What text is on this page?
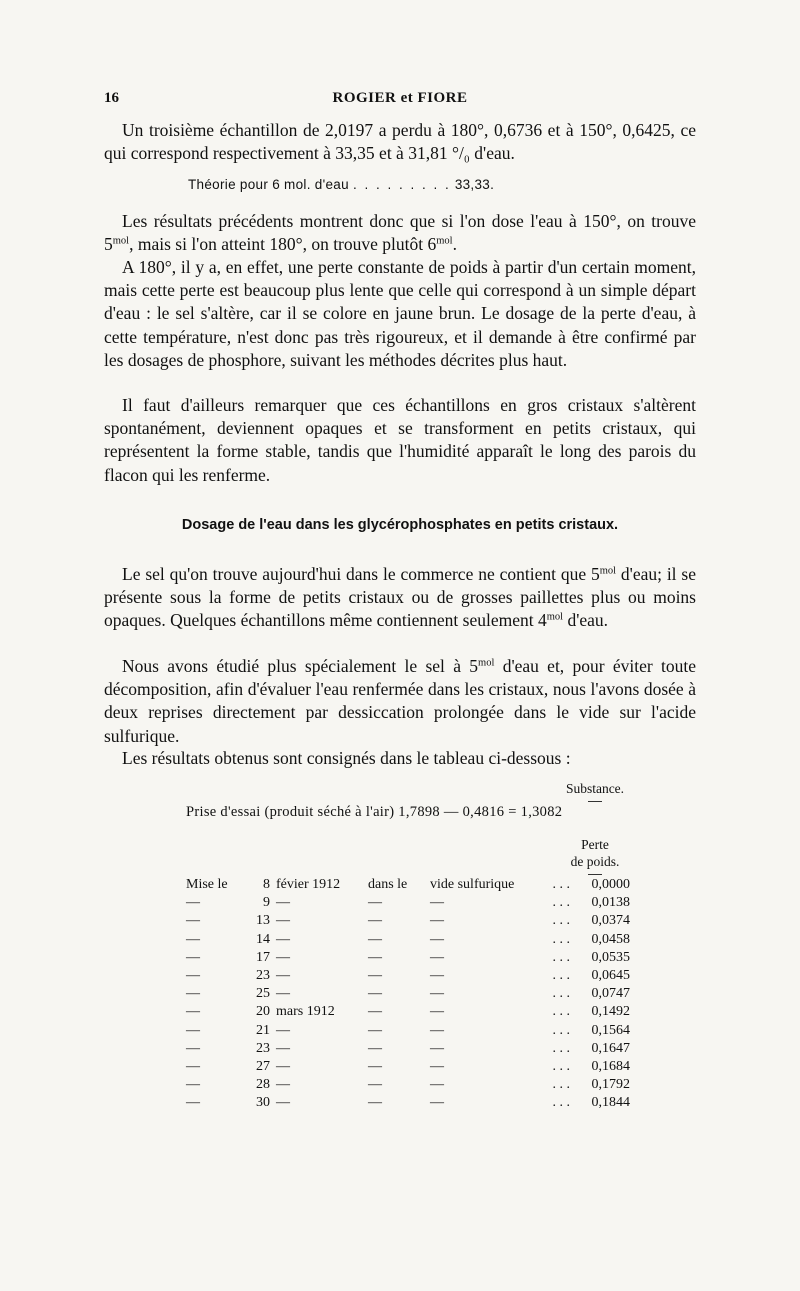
16	ROGIER et FIORE
Un troisième échantillon de 2,0197 a perdu à 180°, 0,6736 et à 150°, 0,6425, ce qui correspond respectivement à 33,35 et à 31,81 °/₀ d'eau.
Théorie pour 6 mol. d'eau . . . . . . . . . 33,33.
Les résultats précédents montrent donc que si l'on dose l'eau à 150°, on trouve $5^{mol}$, mais si l'on atteint 180°, on trouve plutôt $6^{mol}$.
A 180°, il y a, en effet, une perte constante de poids à partir d'un certain moment, mais cette perte est beaucoup plus lente que celle qui correspond à un simple départ d'eau : le sel s'altère, car il se colore en jaune brun. Le dosage de la perte d'eau, à cette température, n'est donc pas très rigoureux, et il demande à être confirmé par les dosages de phosphore, suivant les méthodes décrites plus haut.
Il faut d'ailleurs remarquer que ces échantillons en gros cristaux s'altèrent spontanément, deviennent opaques et se transforment en petits cristaux, qui représentent la forme stable, tandis que l'humidité apparaît le long des parois du flacon qui les renferme.
Dosage de l'eau dans les glycérophosphates en petits cristaux.
Le sel qu'on trouve aujourd'hui dans le commerce ne contient que $5^{mol}$ d'eau; il se présente sous la forme de petits cristaux ou de grosses paillettes plus ou moins opaques. Quelques échantillons même contiennent seulement $4^{mol}$ d'eau.
Nous avons étudié plus spécialement le sel à $5^{mol}$ d'eau et, pour éviter toute décomposition, afin d'évaluer l'eau renfermée dans les cristaux, nous l'avons dosée à deux reprises directement par dessiccation prolongée dans le vide sur l'acide sulfurique.
Les résultats obtenus sont consignés dans le tableau ci-dessous :
Substance.
Prise d'essai (produit séché à l'air) 1,7898 — 0,4816 = 1,3082
Perte
de poids.
Mise le	8	févier 1912	dans le	vide sulfurique . . .	0,0000
—	9	—	—	— . . .	0,0138
—	13	—	—	— . . .	0,0374
—	14	—	—	— . . .	0,0458
—	17	—	—	— . . .	0,0535
—	23	—	—	— . . .	0,0645
—	25	—	—	— . . .	0,0747
—	20	mars 1912	—	— . . .	0,1492
—	21	—	—	— . . .	0,1564
—	23	—	—	— . . .	0,1647
—	27	—	—	— . . .	0,1684
—	28	—	—	— . . .	0,1792
—	30	—	—	— . . .	0,1844
